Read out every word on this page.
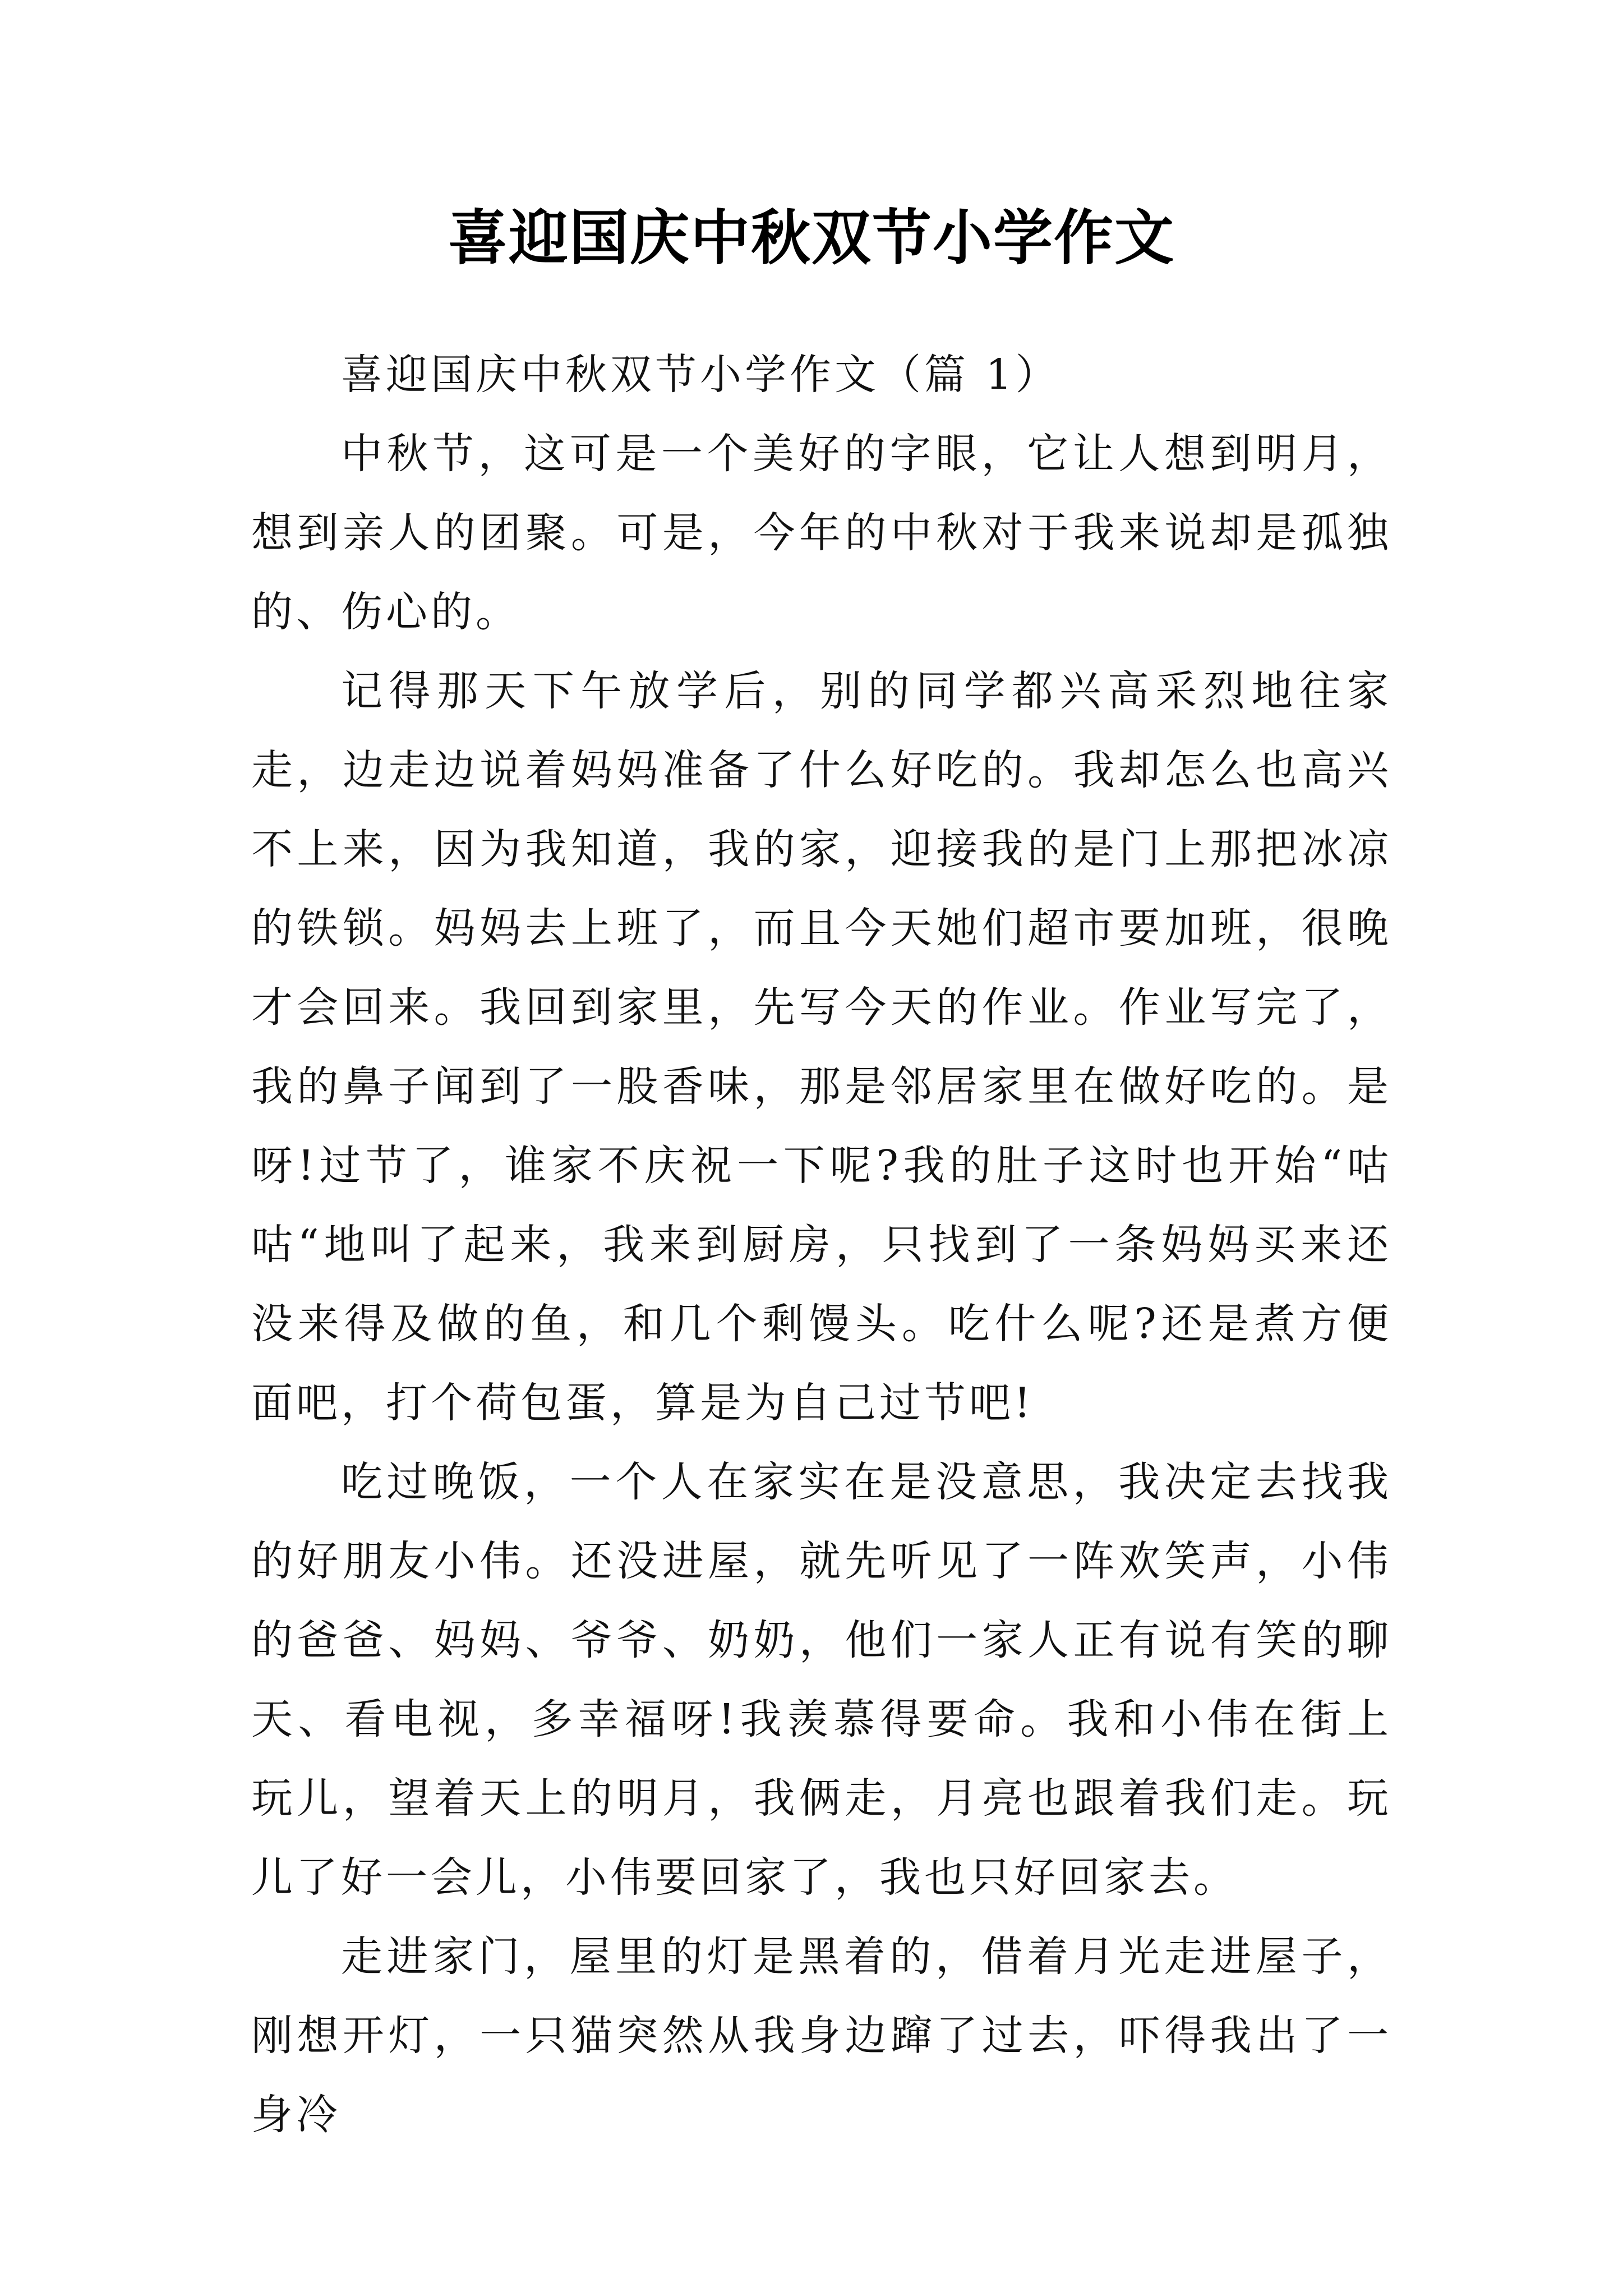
喜迎国庆中秋双节小学作文

喜迎国庆中秋双节小学作文（篇 1）

中秋节，这可是一个美好的字眼，它让人想到明月，想到亲人的团聚。可是，今年的中秋对于我来说却是孤独的、伤心的。

记得那天下午放学后，别的同学都兴高采烈地往家走，边走边说着妈妈准备了什么好吃的。我却怎么也高兴不上来，因为我知道，我的家，迎接我的是门上那把冰凉的铁锁。妈妈去上班了，而且今天她们超市要加班，很晚才会回来。我回到家里，先写今天的作业。作业写完了，我的鼻子闻到了一股香味，那是邻居家里在做好吃的。是呀!过节了，谁家不庆祝一下呢?我的肚子这时也开始“咕咕“地叫了起来，我来到厨房，只找到了一条妈妈买来还没来得及做的鱼，和几个剩馒头。吃什么呢?还是煮方便面吧，打个荷包蛋，算是为自己过节吧!

吃过晚饭，一个人在家实在是没意思，我决定去找我的好朋友小伟。还没进屋，就先听见了一阵欢笑声，小伟的爸爸、妈妈、爷爷、奶奶，他们一家人正有说有笑的聊天、看电视，多幸福呀!我羡慕得要命。我和小伟在街上玩儿，望着天上的明月，我俩走，月亮也跟着我们走。玩儿了好一会儿，小伟要回家了，我也只好回家去。

走进家门，屋里的灯是黑着的，借着月光走进屋子，刚想开灯，一只猫突然从我身边蹿了过去，吓得我出了一身冷
